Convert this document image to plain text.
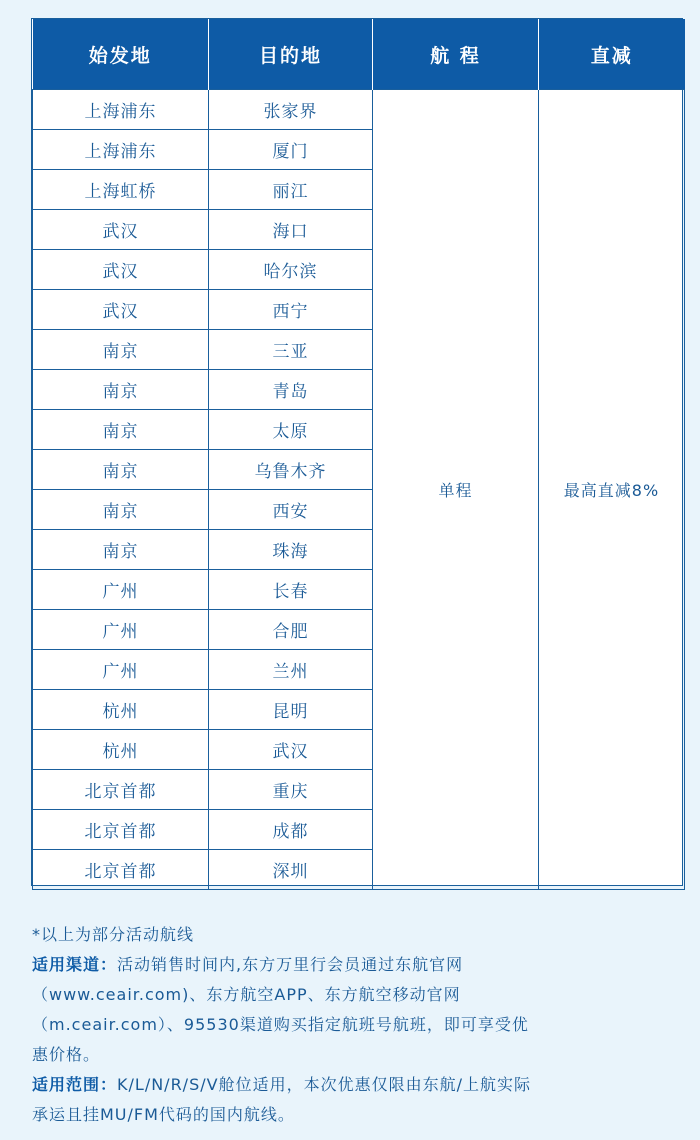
始发地	目的地	航 程	直减
上海浦东	张家界	单程	最高直减8%
上海浦东	厦门		
上海虹桥	丽江		
武汉	海口		
武汉	哈尔滨		
武汉	西宁		
南京	三亚		
南京	青岛		
南京	太原		
南京	乌鲁木齐		
南京	西安		
南京	珠海		
广州	长春		
广州	合肥		
广州	兰州		
杭州	昆明		
杭州	武汉		
北京首都	重庆		
北京首都	成都		
北京首都	深圳		

*以上为部分活动航线

适用渠道：活动销售时间内,东方万里行会员通过东航官网

（www.ceair.com)、东方航空APP、东方航空移动官网

（m.ceair.com）、95530渠道购买指定航班号航班，即可享受优

惠价格。

适用范围：K/L/N/R/S/V舱位适用，本次优惠仅限由东航/上航实际

承运且挂MU/FM代码的国内航线。
